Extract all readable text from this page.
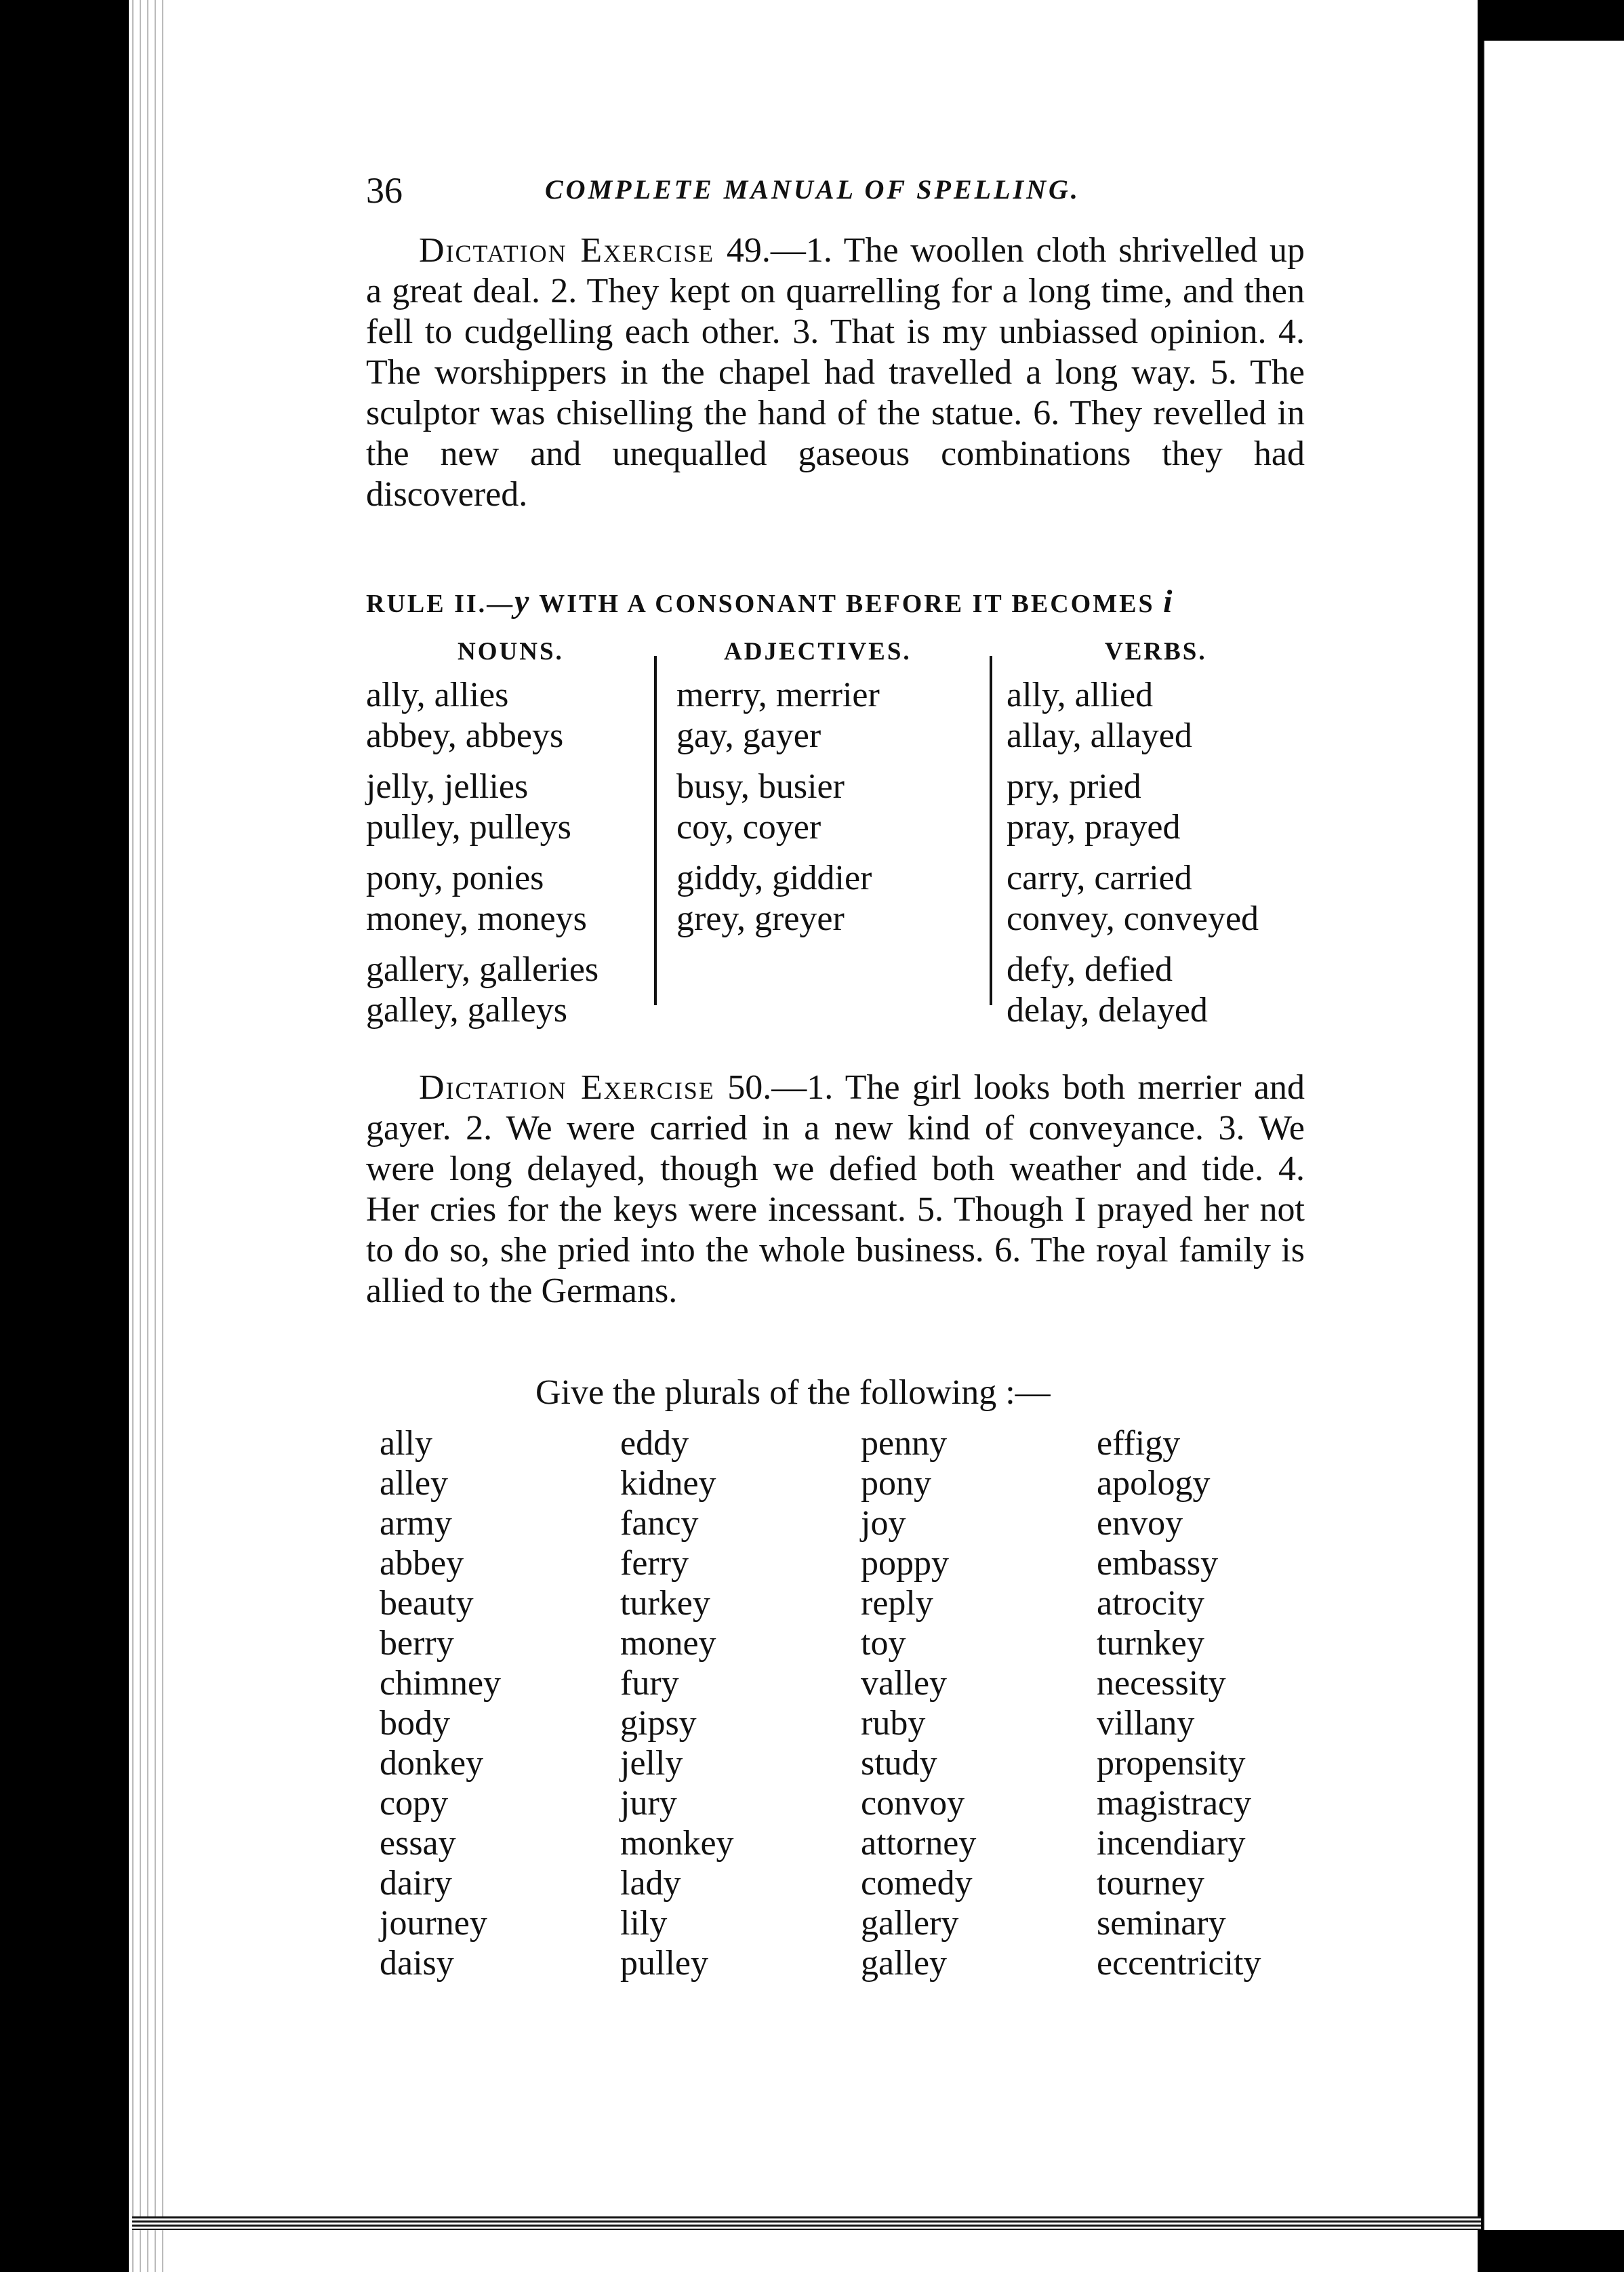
36	COMPLETE MANUAL OF SPELLING.

Dictation Exercise 49.—1. The woollen cloth shrivelled up a great deal. 2. They kept on quarrelling for a long time, and then fell to cudgelling each other. 3. That is my unbiassed opinion. 4. The worshippers in the chapel had travelled a long way. 5. The sculptor was chiselling the hand of the statue. 6. They revelled in the new and unequalled gaseous combinations they had discovered.

RULE II.—y WITH A CONSONANT BEFORE IT BECOMES i
NOUNS.
ally, allies
abbey, abbeys
jelly, jellies
pulley, pulleys
pony, ponies
money, moneys
gallery, galleries
galley, galleys
ADJECTIVES.
merry, merrier
gay, gayer
busy, busier
coy, coyer
giddy, giddier
grey, greyer
VERBS.
ally, allied
allay, allayed
pry, pried
pray, prayed
carry, carried
convey, conveyed
defy, defied
delay, delayed

Dictation Exercise 50.—1. The girl looks both merrier and gayer. 2. We were carried in a new kind of conveyance. 3. We were long delayed, though we defied both weather and tide. 4. Her cries for the keys were incessant. 5. Though I prayed her not to do so, she pried into the whole business. 6. The royal family is allied to the Germans.

Give the plurals of the following :—
ally
alley
army
abbey
beauty
berry
chimney
body
donkey
copy
essay
dairy
journey
daisy
eddy
kidney
fancy
ferry
turkey
money
fury
gipsy
jelly
jury
monkey
lady
lily
pulley
penny
pony
joy
poppy
reply
toy
valley
ruby
study
convoy
attorney
comedy
gallery
galley
effigy
apology
envoy
embassy
atrocity
turnkey
necessity
villany
propensity
magistracy
incendiary
tourney
seminary
eccentricity
